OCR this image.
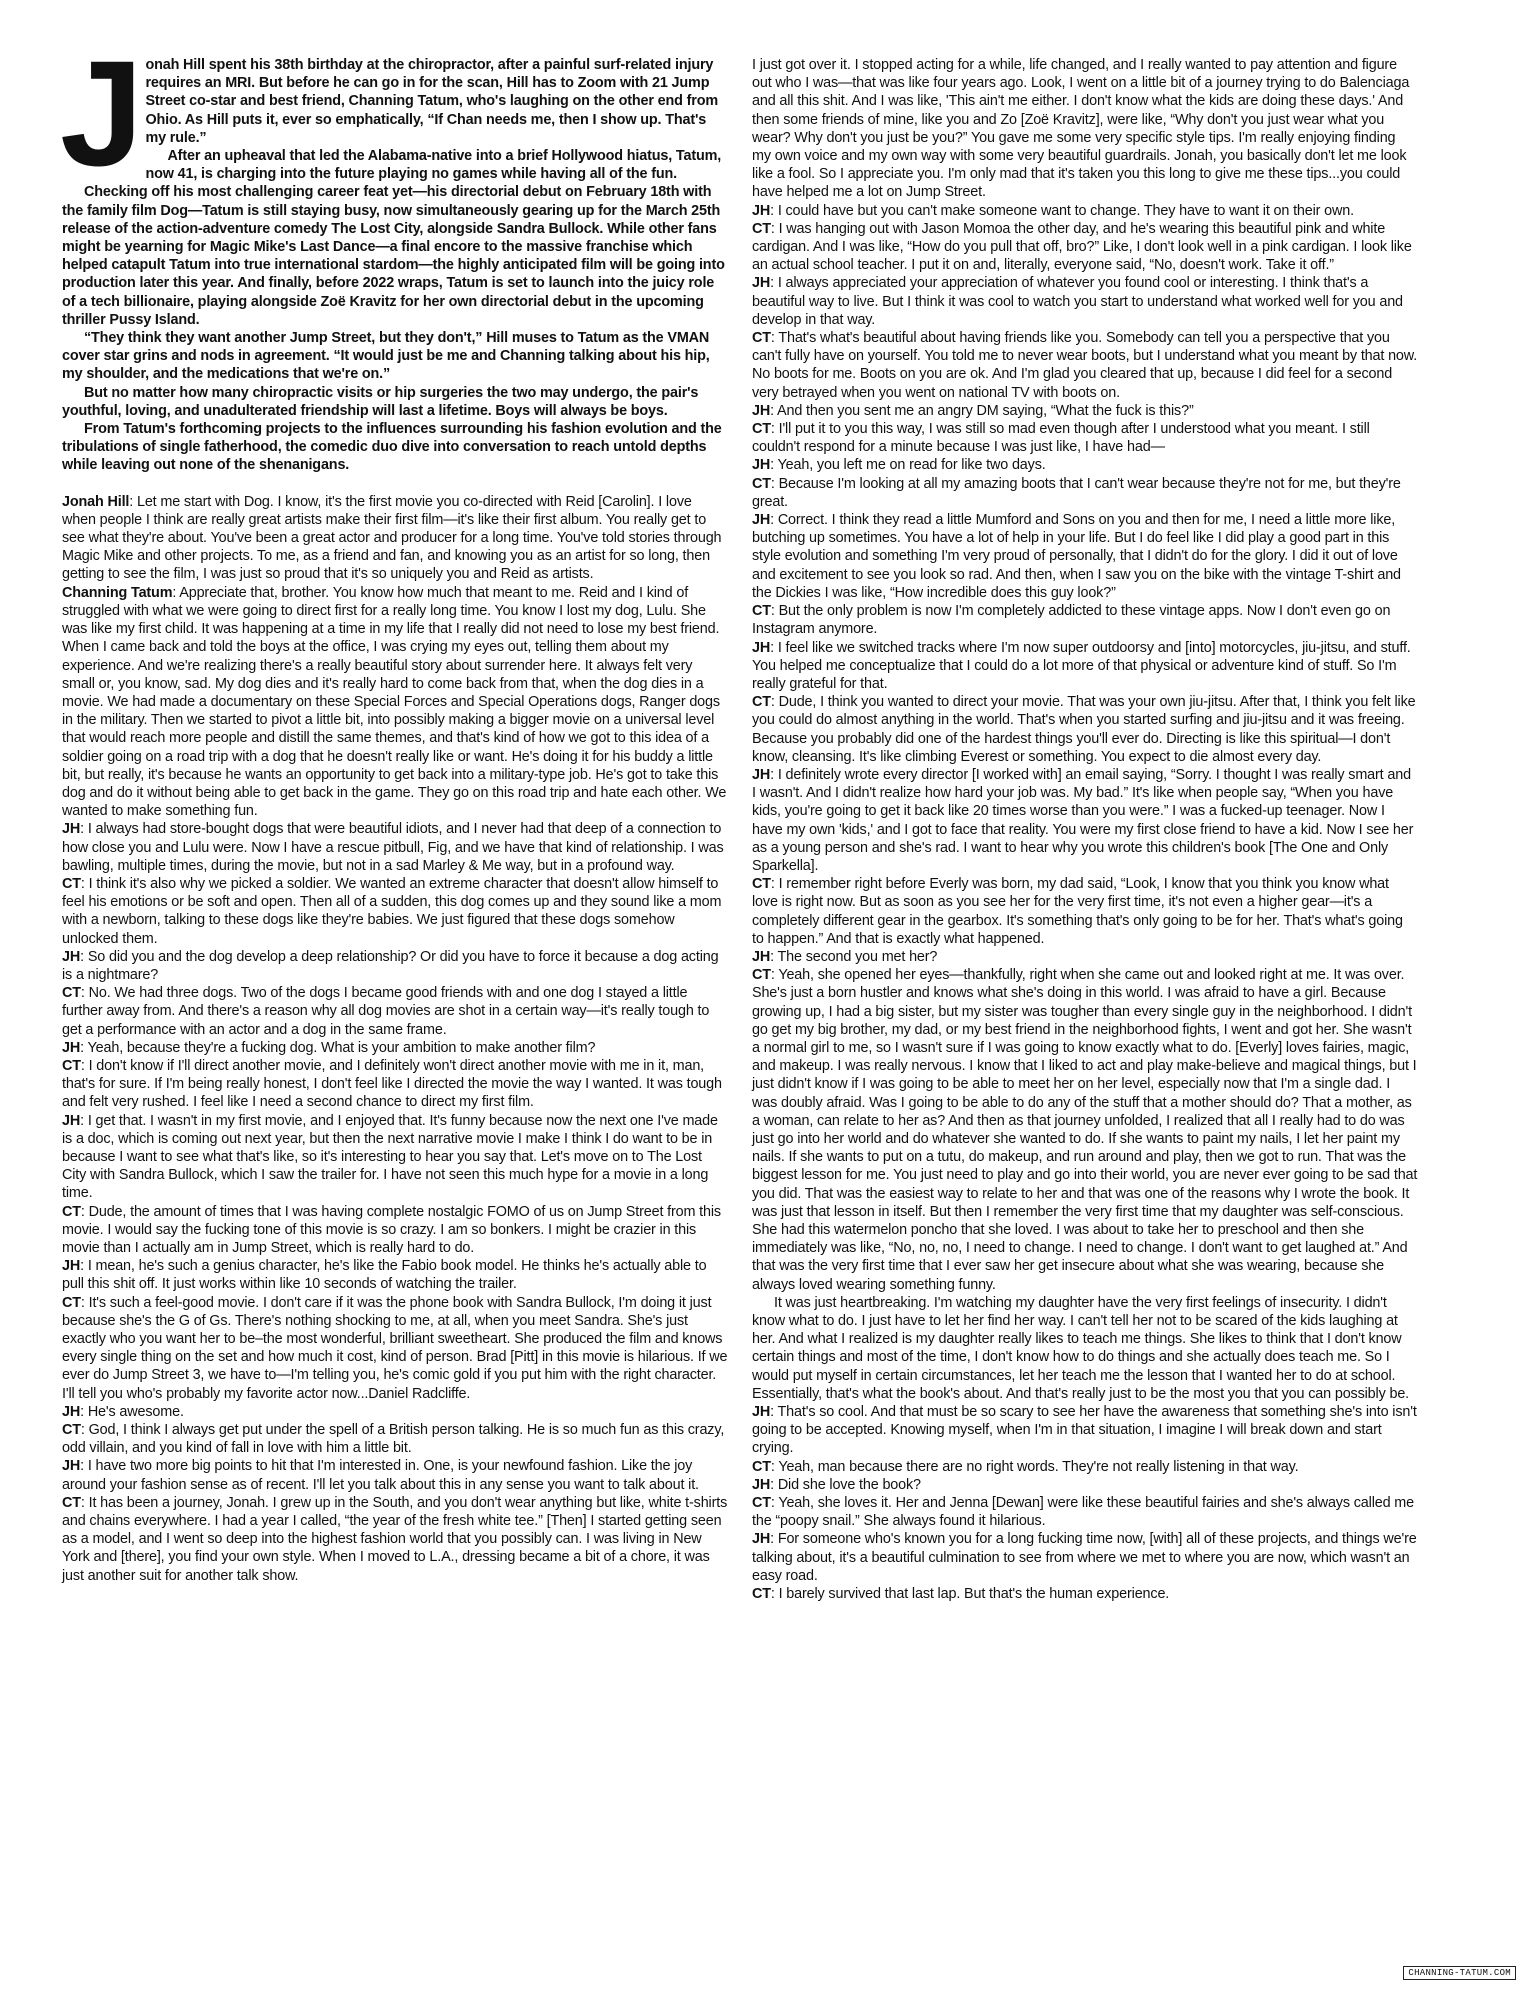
J onah Hill spent his 38th birthday at the chiropractor, after a painful surf-related injury requires an MRI. But before he can go in for the scan, Hill has to Zoom with 21 Jump Street co-star and best friend, Channing Tatum, who's laughing on the other end from Ohio. As Hill puts it, ever so emphatically, “If Chan needs me, then I show up. That's my rule.”

After an upheaval that led the Alabama-native into a brief Hollywood hiatus, Tatum, now 41, is charging into the future playing no games while having all of the fun.

Checking off his most challenging career feat yet—his directorial debut on February 18th with the family film Dog—Tatum is still staying busy, now simultaneously gearing up for the March 25th release of the action-adventure comedy The Lost City, alongside Sandra Bullock. While other fans might be yearning for Magic Mike's Last Dance—a final encore to the massive franchise which helped catapult Tatum into true international stardom—the highly anticipated film will be going into production later this year. And finally, before 2022 wraps, Tatum is set to launch into the juicy role of a tech billionaire, playing alongside Zoë Kravitz for her own directorial debut in the upcoming thriller Pussy Island.

“They think they want another Jump Street, but they don't,” Hill muses to Tatum as the VMAN cover star grins and nods in agreement. “It would just be me and Channing talking about his hip, my shoulder, and the medications that we're on.”

But no matter how many chiropractic visits or hip surgeries the two may undergo, the pair's youthful, loving, and unadulterated friendship will last a lifetime. Boys will always be boys.

From Tatum's forthcoming projects to the influences surrounding his fashion evolution and the tribulations of single fatherhood, the comedic duo dive into conversation to reach untold depths while leaving out none of the shenanigans.

Jonah Hill: Let me start with Dog. I know, it's the first movie you co-directed with Reid [Carolin]. I love when people I think are really great artists make their first film—it's like their first album. You really get to see what they're about. You've been a great actor and producer for a long time. You've told stories through Magic Mike and other projects. To me, as a friend and fan, and knowing you as an artist for so long, then getting to see the film, I was just so proud that it's so uniquely you and Reid as artists.

Channing Tatum: Appreciate that, brother. You know how much that meant to me. Reid and I kind of struggled with what we were going to direct first for a really long time. You know I lost my dog, Lulu. She was like my first child. It was happening at a time in my life that I really did not need to lose my best friend. When I came back and told the boys at the office, I was crying my eyes out, telling them about my experience. And we're realizing there's a really beautiful story about surrender here. It always felt very small or, you know, sad. My dog dies and it's really hard to come back from that, when the dog dies in a movie. We had made a documentary on these Special Forces and Special Operations dogs, Ranger dogs in the military. Then we started to pivot a little bit, into possibly making a bigger movie on a universal level that would reach more people and distill the same themes, and that's kind of how we got to this idea of a soldier going on a road trip with a dog that he doesn't really like or want. He's doing it for his buddy a little bit, but really, it's because he wants an opportunity to get back into a military-type job. He's got to take this dog and do it without being able to get back in the game. They go on this road trip and hate each other. We wanted to make something fun.

JH: I always had store-bought dogs that were beautiful idiots, and I never had that deep of a connection to how close you and Lulu were. Now I have a rescue pitbull, Fig, and we have that kind of relationship. I was bawling, multiple times, during the movie, but not in a sad Marley & Me way, but in a profound way.

CT: I think it's also why we picked a soldier. We wanted an extreme character that doesn't allow himself to feel his emotions or be soft and open. Then all of a sudden, this dog comes up and they sound like a mom with a newborn, talking to these dogs like they're babies. We just figured that these dogs somehow unlocked them.

JH: So did you and the dog develop a deep relationship? Or did you have to force it because a dog acting is a nightmare?

CT: No. We had three dogs. Two of the dogs I became good friends with and one dog I stayed a little further away from. And there's a reason why all dog movies are shot in a certain way—it's really tough to get a performance with an actor and a dog in the same frame.

JH: Yeah, because they're a fucking dog. What is your ambition to make another film?

CT: I don't know if I'll direct another movie, and I definitely won't direct another movie with me in it, man, that's for sure. If I'm being really honest, I don't feel like I directed the movie the way I wanted. It was tough and felt very rushed. I feel like I need a second chance to direct my first film.

JH: I get that. I wasn't in my first movie, and I enjoyed that. It's funny because now the next one I've made is a doc, which is coming out next year, but then the next narrative movie I make I think I do want to be in because I want to see what that's like, so it's interesting to hear you say that. Let's move on to The Lost City with Sandra Bullock, which I saw the trailer for. I have not seen this much hype for a movie in a long time.

CT: Dude, the amount of times that I was having complete nostalgic FOMO of us on Jump Street from this movie. I would say the fucking tone of this movie is so crazy. I am so bonkers. I might be crazier in this movie than I actually am in Jump Street, which is really hard to do.

JH: I mean, he's such a genius character, he's like the Fabio book model. He thinks he's actually able to pull this shit off. It just works within like 10 seconds of watching the trailer.

CT: It's such a feel-good movie. I don't care if it was the phone book with Sandra Bullock, I'm doing it just because she's the G of Gs. There's nothing shocking to me, at all, when you meet Sandra. She's just exactly who you want her to be–the most wonderful, brilliant sweetheart. She produced the film and knows every single thing on the set and how much it cost, kind of person. Brad [Pitt] in this movie is hilarious. If we ever do Jump Street 3, we have to—I'm telling you, he's comic gold if you put him with the right character. I'll tell you who's probably my favorite actor now...Daniel Radcliffe.

JH: He's awesome.

CT: God, I think I always get put under the spell of a British person talking. He is so much fun as this crazy, odd villain, and you kind of fall in love with him a little bit.

JH: I have two more big points to hit that I'm interested in. One, is your newfound fashion. Like the joy around your fashion sense as of recent. I'll let you talk about this in any sense you want to talk about it.

CT: It has been a journey, Jonah. I grew up in the South, and you don't wear anything but like, white t-shirts and chains everywhere. I had a year I called, “the year of the fresh white tee.” [Then] I started getting seen as a model, and I went so deep into the highest fashion world that you possibly can. I was living in New York and [there], you find your own style. When I moved to L.A., dressing became a bit of a chore, it was just another suit for another talk show.

I just got over it. I stopped acting for a while, life changed, and I really wanted to pay attention and figure out who I was—that was like four years ago. Look, I went on a little bit of a journey trying to do Balenciaga and all this shit. And I was like, 'This ain't me either. I don't know what the kids are doing these days.' And then some friends of mine, like you and Zo [Zoë Kravitz], were like, “Why don't you just wear what you wear? Why don't you just be you?” You gave me some very specific style tips. I'm really enjoying finding my own voice and my own way with some very beautiful guardrails. Jonah, you basically don't let me look like a fool. So I appreciate you. I'm only mad that it's taken you this long to give me these tips...you could have helped me a lot on Jump Street.

JH: I could have but you can't make someone want to change. They have to want it on their own.

CT: I was hanging out with Jason Momoa the other day, and he's wearing this beautiful pink and white cardigan. And I was like, “How do you pull that off, bro?” Like, I don't look well in a pink cardigan. I look like an actual school teacher. I put it on and, literally, everyone said, “No, doesn't work. Take it off.”

JH: I always appreciated your appreciation of whatever you found cool or interesting. I think that's a beautiful way to live. But I think it was cool to watch you start to understand what worked well for you and develop in that way.

CT: That's what's beautiful about having friends like you. Somebody can tell you a perspective that you can't fully have on yourself. You told me to never wear boots, but I understand what you meant by that now. No boots for me. Boots on you are ok. And I'm glad you cleared that up, because I did feel for a second very betrayed when you went on national TV with boots on.

JH: And then you sent me an angry DM saying, “What the fuck is this?”

CT: I'll put it to you this way, I was still so mad even though after I understood what you meant. I still couldn't respond for a minute because I was just like, I have had—

JH: Yeah, you left me on read for like two days.

CT: Because I'm looking at all my amazing boots that I can't wear because they're not for me, but they're great.

JH: Correct. I think they read a little Mumford and Sons on you and then for me, I need a little more like, butching up sometimes. You have a lot of help in your life. But I do feel like I did play a good part in this style evolution and something I'm very proud of personally, that I didn't do for the glory. I did it out of love and excitement to see you look so rad. And then, when I saw you on the bike with the vintage T-shirt and the Dickies I was like, “How incredible does this guy look?”

CT: But the only problem is now I'm completely addicted to these vintage apps. Now I don't even go on Instagram anymore.

JH: I feel like we switched tracks where I'm now super outdoorsy and [into] motorcycles, jiu-jitsu, and stuff. You helped me conceptualize that I could do a lot more of that physical or adventure kind of stuff. So I'm really grateful for that.

CT: Dude, I think you wanted to direct your movie. That was your own jiu-jitsu. After that, I think you felt like you could do almost anything in the world. That's when you started surfing and jiu-jitsu and it was freeing. Because you probably did one of the hardest things you'll ever do. Directing is like this spiritual—I don't know, cleansing. It's like climbing Everest or something. You expect to die almost every day.

JH: I definitely wrote every director [I worked with] an email saying, “Sorry. I thought I was really smart and I wasn't. And I didn't realize how hard your job was. My bad.” It's like when people say, “When you have kids, you're going to get it back like 20 times worse than you were.” I was a fucked-up teenager. Now I have my own 'kids,' and I got to face that reality. You were my first close friend to have a kid. Now I see her as a young person and she's rad. I want to hear why you wrote this children's book [The One and Only Sparkella].

CT: I remember right before Everly was born, my dad said, “Look, I know that you think you know what love is right now. But as soon as you see her for the very first time, it's not even a higher gear—it's a completely different gear in the gearbox. It's something that's only going to be for her. That's what's going to happen.” And that is exactly what happened.

JH: The second you met her?

CT: Yeah, she opened her eyes—thankfully, right when she came out and looked right at me. It was over. She's just a born hustler and knows what she's doing in this world. I was afraid to have a girl. Because growing up, I had a big sister, but my sister was tougher than every single guy in the neighborhood. I didn't go get my big brother, my dad, or my best friend in the neighborhood fights, I went and got her. She wasn't a normal girl to me, so I wasn't sure if I was going to know exactly what to do. [Everly] loves fairies, magic, and makeup. I was really nervous. I know that I liked to act and play make-believe and magical things, but I just didn't know if I was going to be able to meet her on her level, especially now that I'm a single dad. I was doubly afraid. Was I going to be able to do any of the stuff that a mother should do? That a mother, as a woman, can relate to her as? And then as that journey unfolded, I realized that all I really had to do was just go into her world and do whatever she wanted to do. If she wants to paint my nails, I let her paint my nails. If she wants to put on a tutu, do makeup, and run around and play, then we got to run. That was the biggest lesson for me. You just need to play and go into their world, you are never ever going to be sad that you did. That was the easiest way to relate to her and that was one of the reasons why I wrote the book. It was just that lesson in itself. But then I remember the very first time that my daughter was self-conscious. She had this watermelon poncho that she loved. I was about to take her to preschool and then she immediately was like, “No, no, no, I need to change. I need to change. I don't want to get laughed at.” And that was the very first time that I ever saw her get insecure about what she was wearing, because she always loved wearing something funny.

It was just heartbreaking. I'm watching my daughter have the very first feelings of insecurity. I didn't know what to do. I just have to let her find her way. I can't tell her not to be scared of the kids laughing at her. And what I realized is my daughter really likes to teach me things. She likes to think that I don't know certain things and most of the time, I don't know how to do things and she actually does teach me. So I would put myself in certain circumstances, let her teach me the lesson that I wanted her to do at school. Essentially, that's what the book's about. And that's really just to be the most you that you can possibly be.

JH: That's so cool. And that must be so scary to see her have the awareness that something she's into isn't going to be accepted. Knowing myself, when I'm in that situation, I imagine I will break down and start crying.

CT: Yeah, man because there are no right words. They're not really listening in that way.

JH: Did she love the book?

CT: Yeah, she loves it. Her and Jenna [Dewan] were like these beautiful fairies and she's always called me the “poopy snail.” She always found it hilarious.

JH: For someone who's known you for a long fucking time now, [with] all of these projects, and things we're talking about, it's a beautiful culmination to see from where we met to where you are now, which wasn't an easy road.

CT: I barely survived that last lap. But that's the human experience.

CHANNING-TATUM.COM
